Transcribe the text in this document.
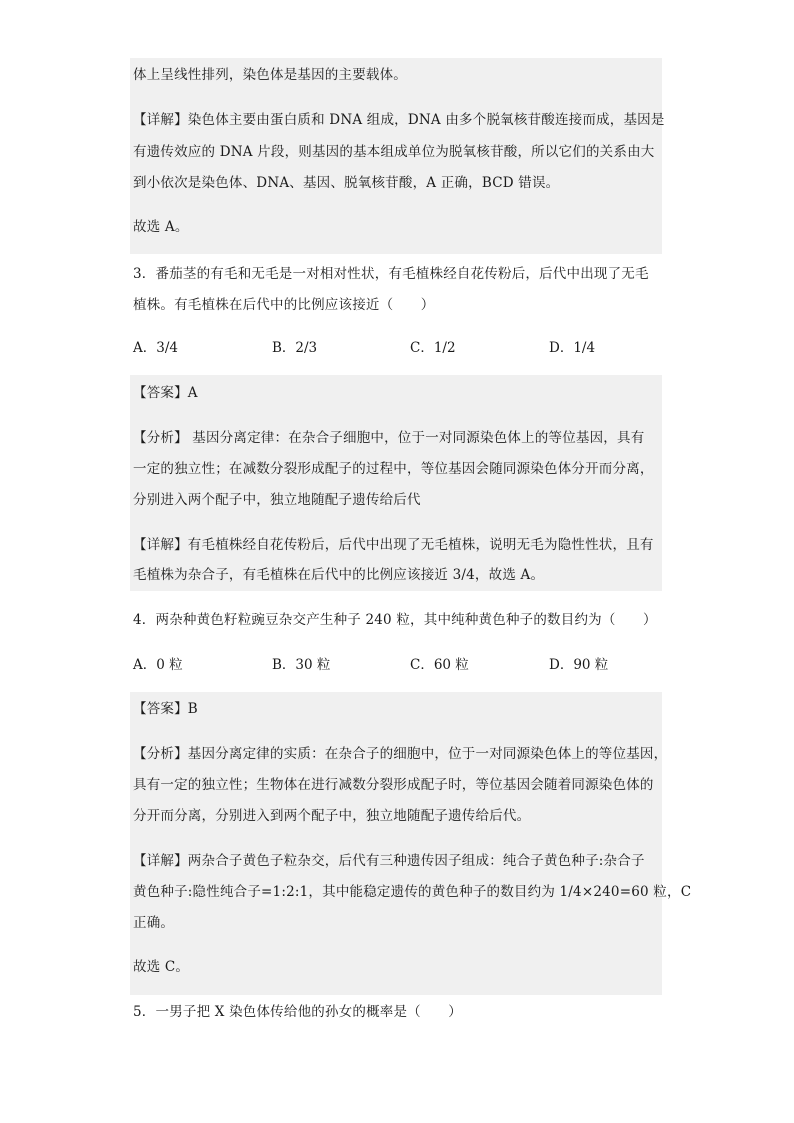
体上呈线性排列，染色体是基因的主要载体。
【详解】染色体主要由蛋白质和 DNA 组成，DNA 由多个脱氧核苷酸连接而成，基因是
有遗传效应的 DNA 片段，则基因的基本组成单位为脱氧核苷酸，所以它们的关系由大
到小依次是染色体、DNA、基因、脱氧核苷酸，A 正确，BCD 错误。
故选 A。
3．番茄茎的有毛和无毛是一对相对性状，有毛植株经自花传粉后，后代中出现了无毛
植株。有毛植株在后代中的比例应该接近（　　）
A．3/4	B．2/3	C．1/2	D．1/4
【答案】A
【分析】 基因分离定律：在杂合子细胞中，位于一对同源染色体上的等位基因，具有
一定的独立性；在减数分裂形成配子的过程中，等位基因会随同源染色体分开而分离，
分别进入两个配子中，独立地随配子遗传给后代
【详解】有毛植株经自花传粉后，后代中出现了无毛植株，说明无毛为隐性性状，且有
毛植株为杂合子，有毛植株在后代中的比例应该接近 3/4，故选 A。
4．两杂种黄色籽粒豌豆杂交产生种子 240 粒，其中纯种黄色种子的数目约为（　　）
A．0 粒	B．30 粒	C．60 粒	D．90 粒
【答案】B
【分析】基因分离定律的实质：在杂合子的细胞中，位于一对同源染色体上的等位基因，
具有一定的独立性；生物体在进行减数分裂形成配子时，等位基因会随着同源染色体的
分开而分离，分别进入到两个配子中，独立地随配子遗传给后代。
【详解】两杂合子黄色子粒杂交，后代有三种遗传因子组成：纯合子黄色种子:杂合子
黄色种子:隐性纯合子=1:2:1，其中能稳定遗传的黄色种子的数目约为 1/4×240=60 粒，C
正确。
故选 C。
5．一男子把 X 染色体传给他的孙女的概率是（　　）
